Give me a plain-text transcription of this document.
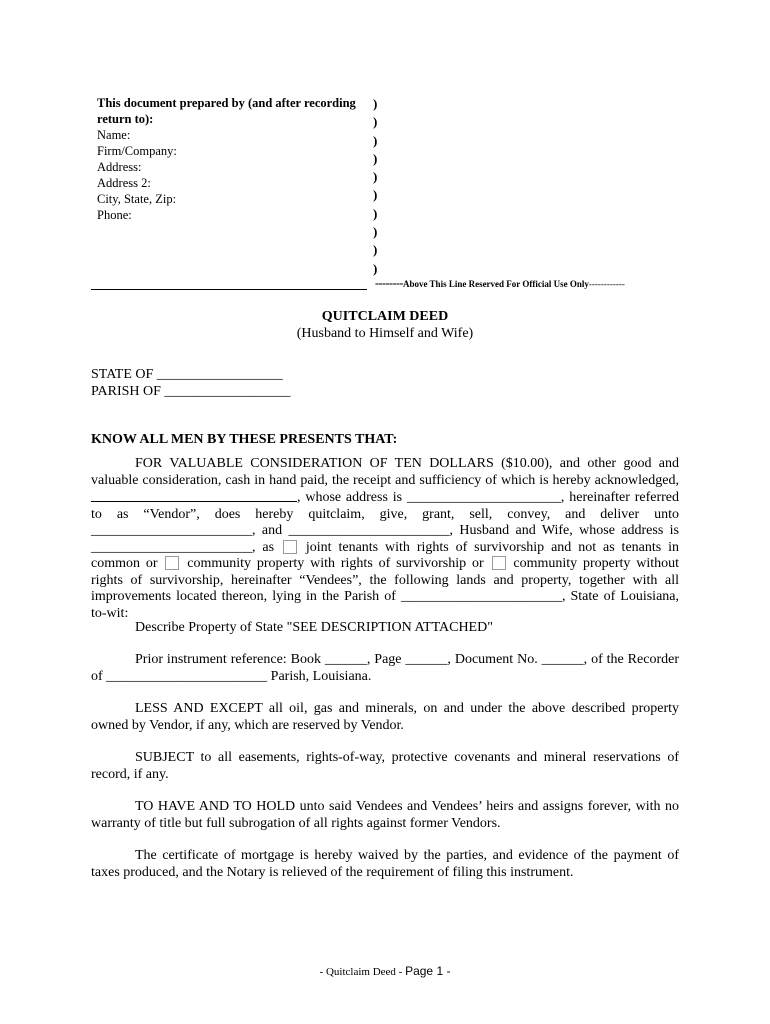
This document prepared by (and after recording return to):
Name:
Firm/Company:
Address:
Address 2:
City, State, Zip:
Phone:
)
)
)
)
)
)
)
)
)
)
--------Above This Line Reserved For Official Use Only------------
QUITCLAIM DEED
(Husband to Himself and Wife)
STATE OF __________________
PARISH OF __________________
KNOW ALL MEN BY THESE PRESENTS THAT:

FOR VALUABLE CONSIDERATION OF TEN DOLLARS ($10.00), and other good and valuable consideration, cash in hand paid, the receipt and sufficiency of which is hereby acknowledged, , whose address is ______________________, hereinafter referred to as “Vendor”, does hereby quitclaim, give, grant, sell, convey, and deliver unto _______________________, and _______________________, Husband and Wife, whose address is _______________________, as joint tenants with rights of survivorship and not as tenants in common or community property with rights of survivorship or community property without rights of survivorship, hereinafter “Vendees”, the following lands and property, together with all improvements located thereon, lying in the Parish of _______________________, State of Louisiana, to-wit:

Describe Property of State "SEE DESCRIPTION ATTACHED"

Prior instrument reference: Book ______, Page ______, Document No. ______, of the Recorder of _______________________ Parish, Louisiana.

LESS AND EXCEPT all oil, gas and minerals, on and under the above described property owned by Vendor, if any, which are reserved by Vendor.

SUBJECT to all easements, rights-of-way, protective covenants and mineral reservations of record, if any.

TO HAVE AND TO HOLD unto said Vendees and Vendees’ heirs and assigns forever, with no warranty of title but full subrogation of all rights against former Vendors.

The certificate of mortgage is hereby waived by the parties, and evidence of the payment of taxes produced, and the Notary is relieved of the requirement of filing this instrument.

- Quitclaim Deed - Page 1 -
